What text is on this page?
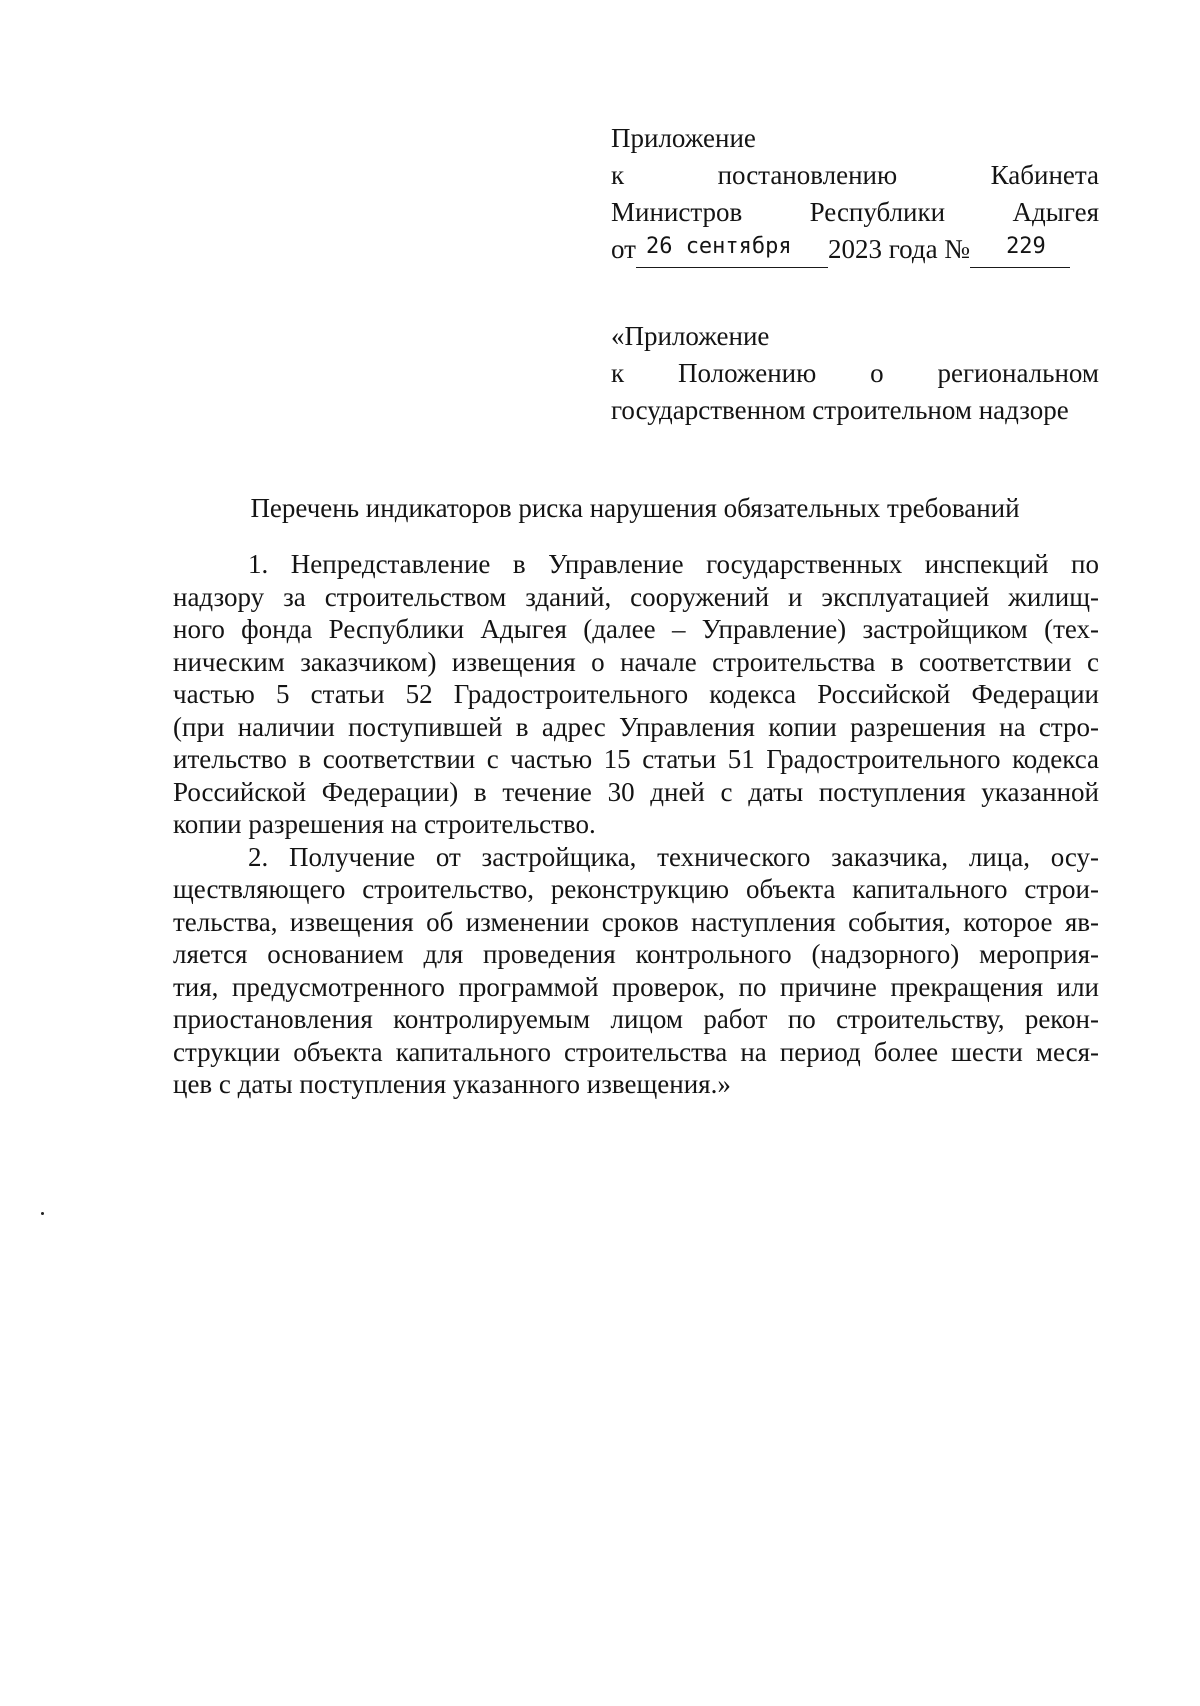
Приложение
к	постановлению	Кабинета
Министров Республики Адыгея
от 26 сентября 2023 года № 229
«Приложение
к Положению о региональном
государственном строительном надзоре
Перечень индикаторов риска нарушения обязательных требований
1. Непредставление в Управление государственных инспекций по
надзору за строительством зданий, сооружений и эксплуатацией жилищ-
ного фонда Республики Адыгея (далее – Управление) застройщиком (тех-
ническим заказчиком) извещения о начале строительства в соответствии с
частью 5 статьи 52 Градостроительного кодекса Российской Федерации
(при наличии поступившей в адрес Управления копии разрешения на стро-
ительство в соответствии с частью 15 статьи 51 Градостроительного кодекса
Российской Федерации) в течение 30 дней с даты поступления указанной
копии разрешения на строительство.
2. Получение от застройщика, технического заказчика, лица, осу-
ществляющего строительство, реконструкцию объекта капитального строи-
тельства, извещения об изменении сроков наступления события, которое яв-
ляется основанием для проведения контрольного (надзорного) мероприя-
тия, предусмотренного программой проверок, по причине прекращения или
приостановления контролируемым лицом работ по строительству, рекон-
струкции объекта капитального строительства на период более шести меся-
цев с даты поступления указанного извещения.»
